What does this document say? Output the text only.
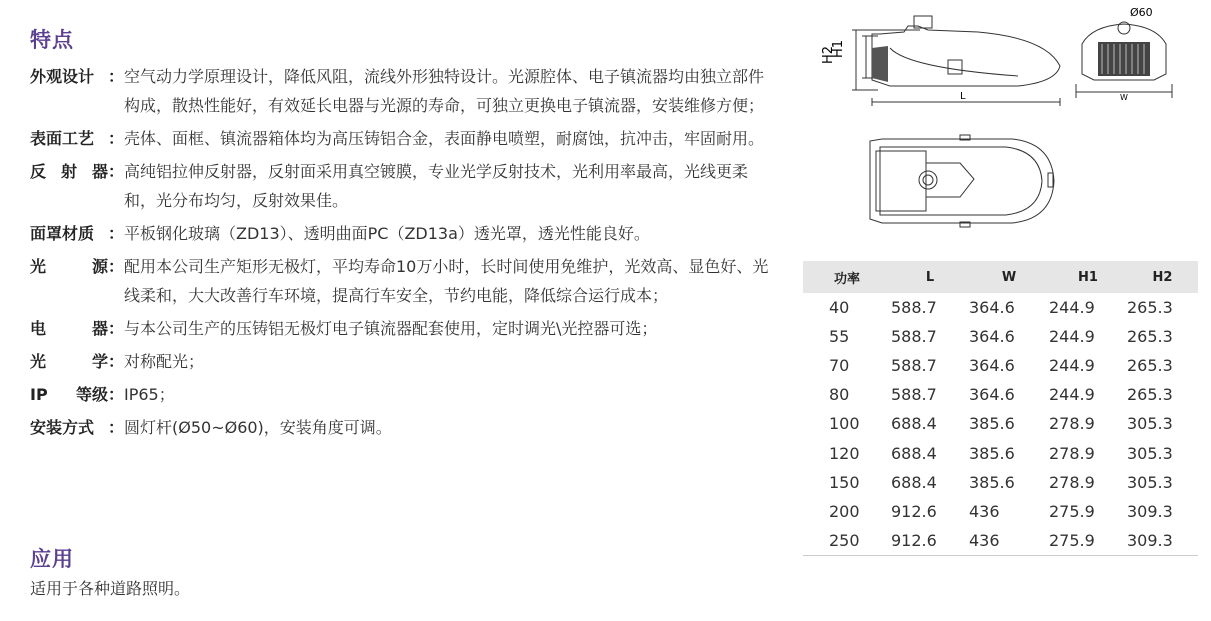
特点
外观设计 ： 空气动力学原理设计，降低风阻，流线外形独特设计。光源腔体、电子镇流器均由独立部件构成，散热性能好，有效延长电器与光源的寿命，可独立更换电子镇流器，安装维修方便；
表面工艺 ： 壳体、面框、镇流器箱体均为高压铸铝合金，表面静电喷塑，耐腐蚀，抗冲击，牢固耐用。
反 射 器 ： 高纯铝拉伸反射器，反射面采用真空镀膜，专业光学反射技术，光利用率最高，光线更柔和，光分布均匀，反射效果佳。
面罩材质 ： 平板钢化玻璃（ZD13）、透明曲面PC（ZD13a）透光罩，透光性能良好。
光	源 ： 配用本公司生产矩形无极灯，平均寿命10万小时，长时间使用免维护，光效高、显色好、光线柔和，大大改善行车环境，提高行车安全，节约电能，降低综合运行成本；
电	器 ： 与本公司生产的压铸铝无极灯电子镇流器配套使用，定时调光\光控器可选；
光	学 ： 对称配光；
IP 等级 ： IP65；
安装方式 ： 圆灯杆(Ø50~Ø60)，安装角度可调。
应用
适用于各种道路照明。
H2
H1
L
Ø60
W
功率	L	W	H1	H2
40	588.7	364.6	244.9	265.3
55	588.7	364.6	244.9	265.3
70	588.7	364.6	244.9	265.3
80	588.7	364.6	244.9	265.3
100	688.4	385.6	278.9	305.3
120	688.4	385.6	278.9	305.3
150	688.4	385.6	278.9	305.3
200	912.6	436	275.9	309.3
250	912.6	436	275.9	309.3
